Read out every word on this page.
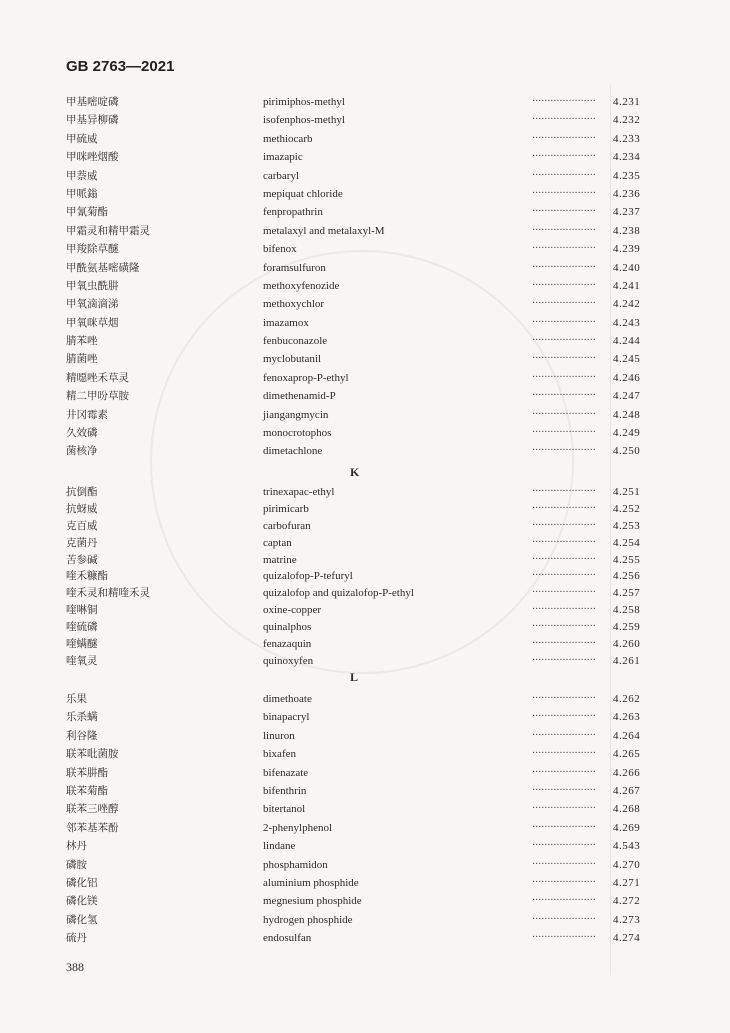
GB 2763—2021
甲基嘧啶磷	pirimiphos-methyl	····················· 4.231
甲基异柳磷	isofenphos-methyl	····················· 4.232
甲硫威	methiocarb	····················· 4.233
甲咪唑烟酸	imazapic	····················· 4.234
甲萘威	carbaryl	····················· 4.235
甲哌鎓	mepiquat chloride	····················· 4.236
甲氰菊酯	fenpropathrin	····················· 4.237
甲霜灵和精甲霜灵	metalaxyl and metalaxyl-M	····················· 4.238
甲羧除草醚	bifenox	····················· 4.239
甲酰氨基嘧磺隆	foramsulfuron	····················· 4.240
甲氧虫酰肼	methoxyfenozide	····················· 4.241
甲氧滴滴涕	methoxychlor	····················· 4.242
甲氧咪草烟	imazamox	····················· 4.243
腈苯唑	fenbuconazole	····················· 4.244
腈菌唑	myclobutanil	····················· 4.245
精噁唑禾草灵	fenoxaprop-P-ethyl	····················· 4.246
精二甲吩草胺	dimethenamid-P	····················· 4.247
井冈霉素	jiangangmycin	····················· 4.248
久效磷	monocrotophos	····················· 4.249
菌核净	dimetachlone	····················· 4.250
K
抗倒酯	trinexapac-ethyl	····················· 4.251
抗蚜威	pirimicarb	····················· 4.252
克百威	carbofuran	····················· 4.253
克菌丹	captan	····················· 4.254
苦参碱	matrine	····················· 4.255
喹禾糠酯	quizalofop-P-tefuryl	····················· 4.256
喹禾灵和精喹禾灵	quizalofop and quizalofop-P-ethyl	····················· 4.257
喹啉铜	oxine-copper	····················· 4.258
喹硫磷	quinalphos	····················· 4.259
喹螨醚	fenazaquin	····················· 4.260
喹氧灵	quinoxyfen	····················· 4.261
L
乐果	dimethoate	····················· 4.262
乐杀螨	binapacryl	····················· 4.263
利谷隆	linuron	····················· 4.264
联苯吡菌胺	bixafen	····················· 4.265
联苯肼酯	bifenazate	····················· 4.266
联苯菊酯	bifenthrin	····················· 4.267
联苯三唑醇	bitertanol	····················· 4.268
邻苯基苯酚	2-phenylphenol	····················· 4.269
林丹	lindane	····················· 4.543
磷胺	phosphamidon	····················· 4.270
磷化铝	aluminium phosphide	····················· 4.271
磷化镁	megnesium phosphide	····················· 4.272
磷化氢	hydrogen phosphide	····················· 4.273
硫丹	endosulfan	····················· 4.274
388
